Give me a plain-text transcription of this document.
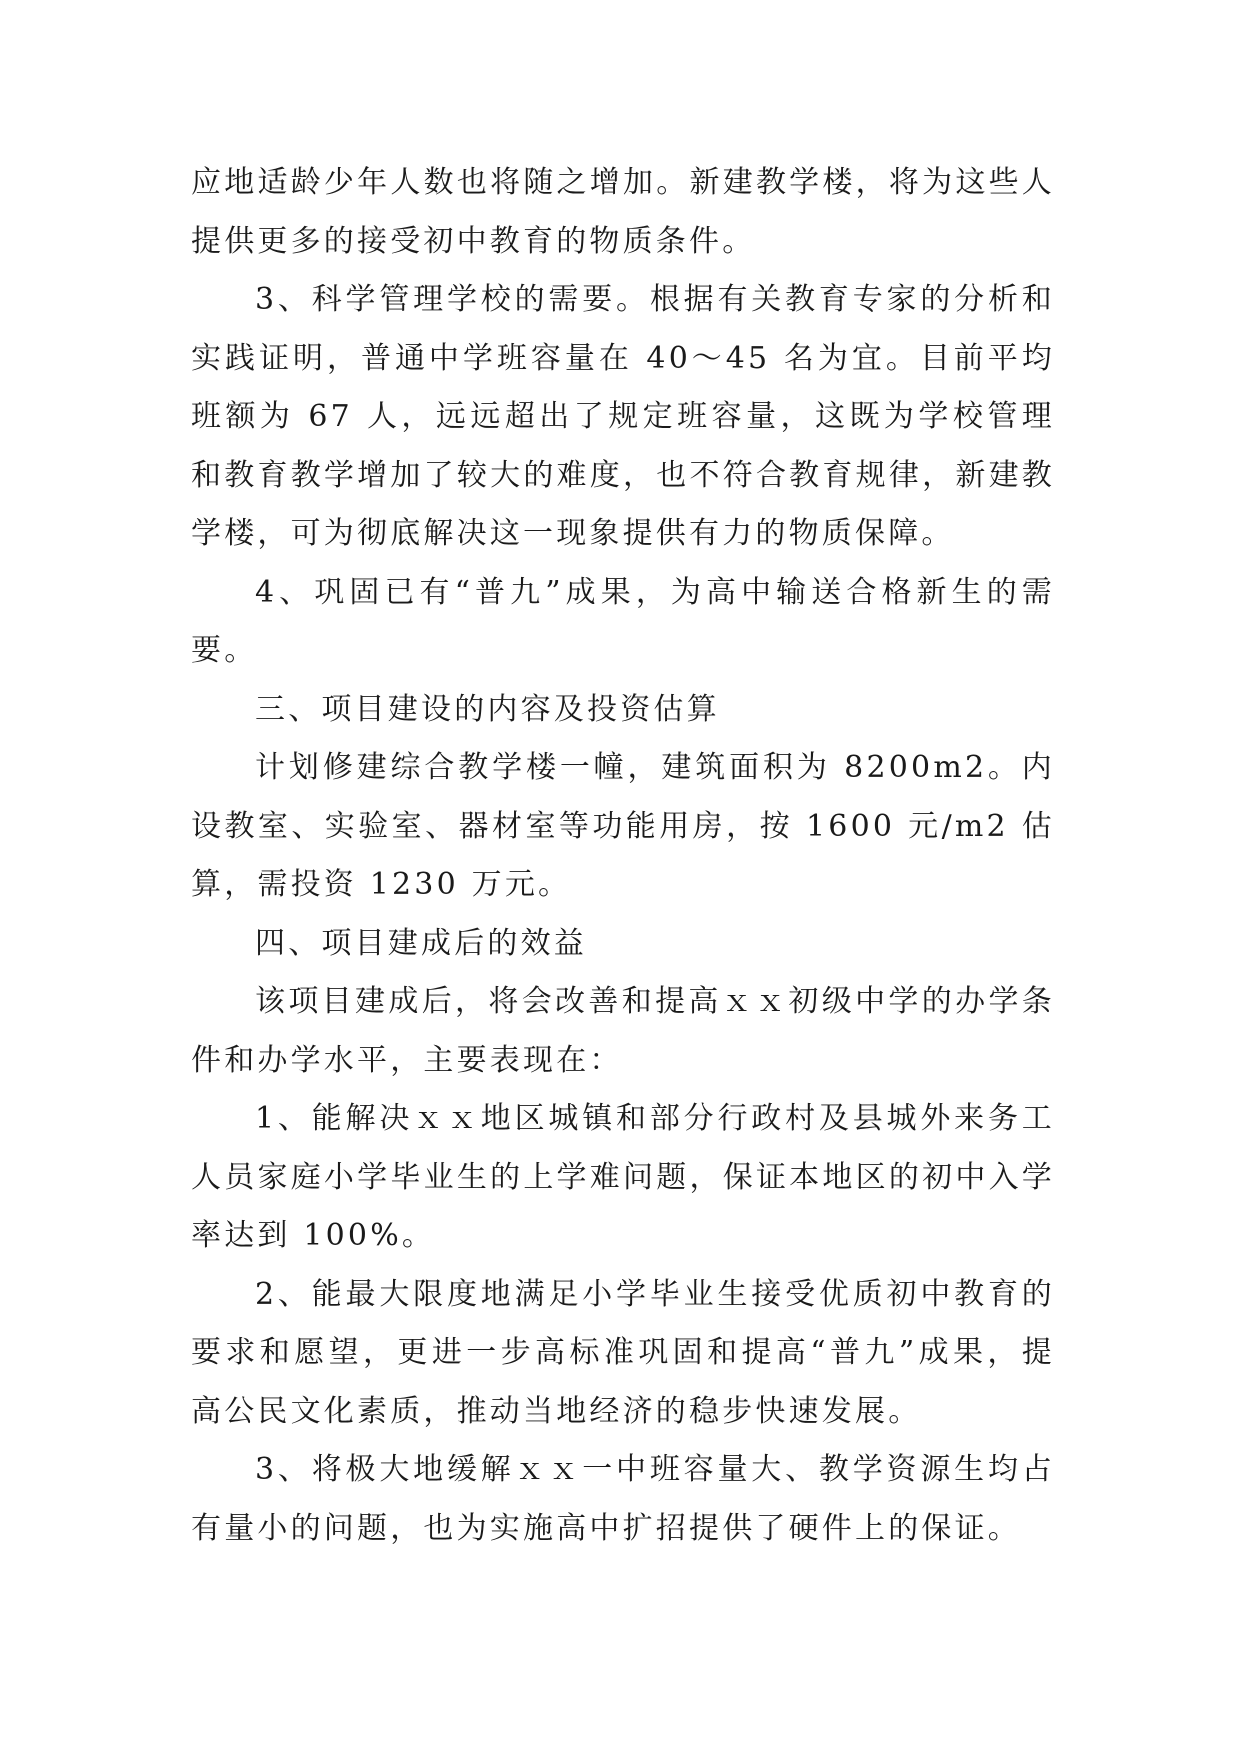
应地适龄少年人数也将随之增加。新建教学楼，将为这些人提供更多的接受初中教育的物质条件。

3、科学管理学校的需要。根据有关教育专家的分析和实践证明，普通中学班容量在 40～45 名为宜。目前平均班额为 67 人，远远超出了规定班容量，这既为学校管理和教育教学增加了较大的难度，也不符合教育规律，新建教学楼，可为彻底解决这一现象提供有力的物质保障。

4、巩固已有“普九”成果，为高中输送合格新生的需要。

三、项目建设的内容及投资估算

计划修建综合教学楼一幢，建筑面积为 8200m2。内设教室、实验室、器材室等功能用房，按 1600 元/m2 估算，需投资 1230 万元。

四、项目建成后的效益

该项目建成后，将会改善和提高ｘｘ初级中学的办学条件和办学水平，主要表现在：

1、能解决ｘｘ地区城镇和部分行政村及县城外来务工人员家庭小学毕业生的上学难问题，保证本地区的初中入学率达到 100%。

2、能最大限度地满足小学毕业生接受优质初中教育的要求和愿望，更进一步高标准巩固和提高“普九”成果，提高公民文化素质，推动当地经济的稳步快速发展。

3、将极大地缓解ｘｘ一中班容量大、教学资源生均占有量小的问题，也为实施高中扩招提供了硬件上的保证。
